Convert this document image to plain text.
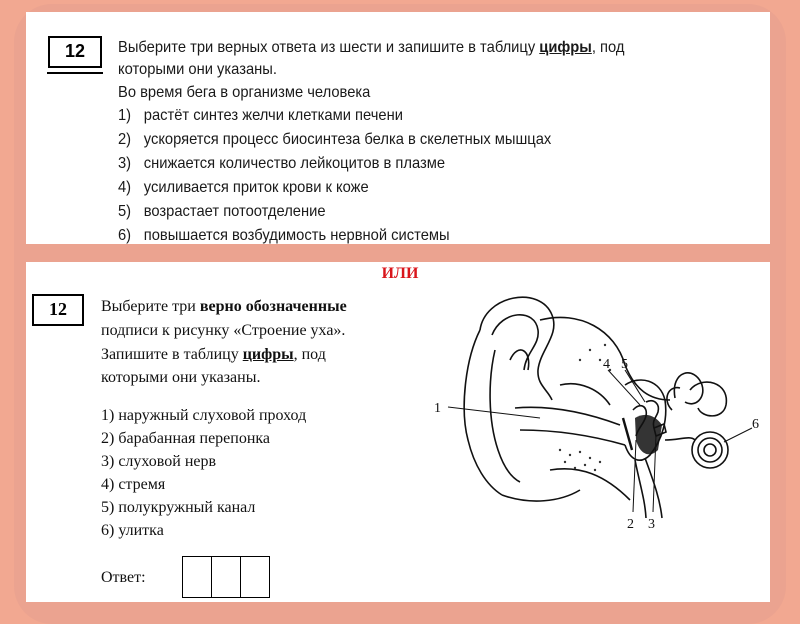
12	Выберите три верных ответа из шести и запишите в таблицу цифры, под
которыми они указаны.
Во время бега в организме человека
1) растёт синтез желчи клетками печени
2) ускоряется процесс биосинтеза белка в скелетных мышцах
3) снижается количество лейкоцитов в плазме
4) усиливается приток крови к коже
5) возрастает потоотделение
6) повышается возбудимость нервной системы
ИЛИ
12	Выберите три верно обозначенные
подписи к рисунку «Строение уха».
Запишите в таблицу цифры, под
которыми они указаны.
1) наружный слуховой проход
2) барабанная перепонка
3) слуховой нерв
4) стремя
5) полукружный канал
6) улитка
Ответ:
1
2 3
4 5
6
